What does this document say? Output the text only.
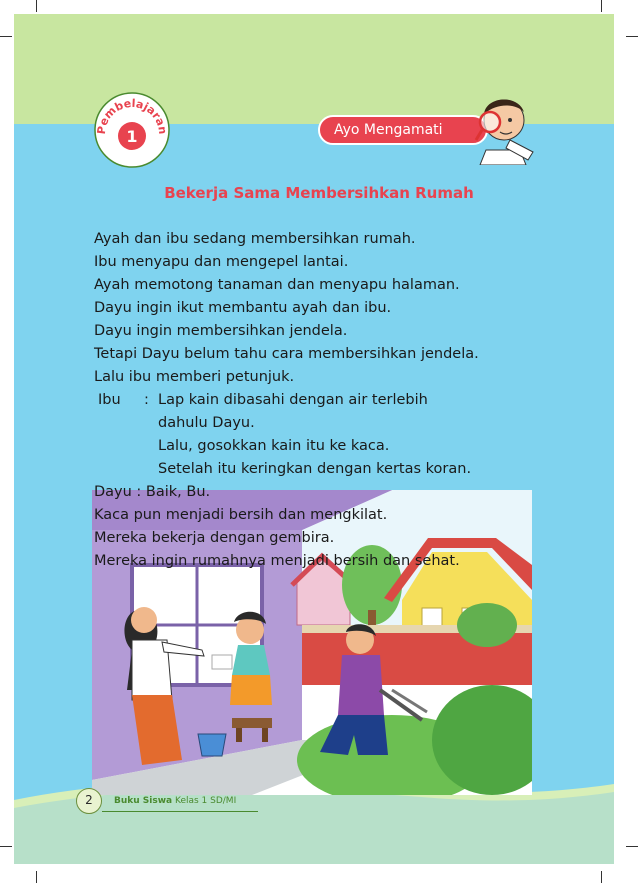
Pembelajaran
1	Ayo Mengamati
Bekerja Sama Membersihkan Rumah
Ayah dan ibu sedang membersihkan rumah.
Ibu menyapu dan mengepel lantai.
Ayah memotong tanaman dan menyapu halaman.
Dayu ingin ikut membantu ayah dan ibu.
Dayu ingin membersihkan jendela.
Tetapi Dayu belum tahu cara membersihkan jendela.
Lalu ibu memberi petunjuk.
Ibu	: Lap kain dibasahi dengan air terlebih
dahulu Dayu.
Lalu, gosokkan kain itu ke kaca.
Setelah itu keringkan dengan kertas koran.
Dayu : Baik, Bu.
Kaca pun menjadi bersih dan mengkilat.
Mereka bekerja dengan gembira.
Mereka ingin rumahnya menjadi bersih dan sehat.
2	Buku Siswa Kelas 1 SD/MI
